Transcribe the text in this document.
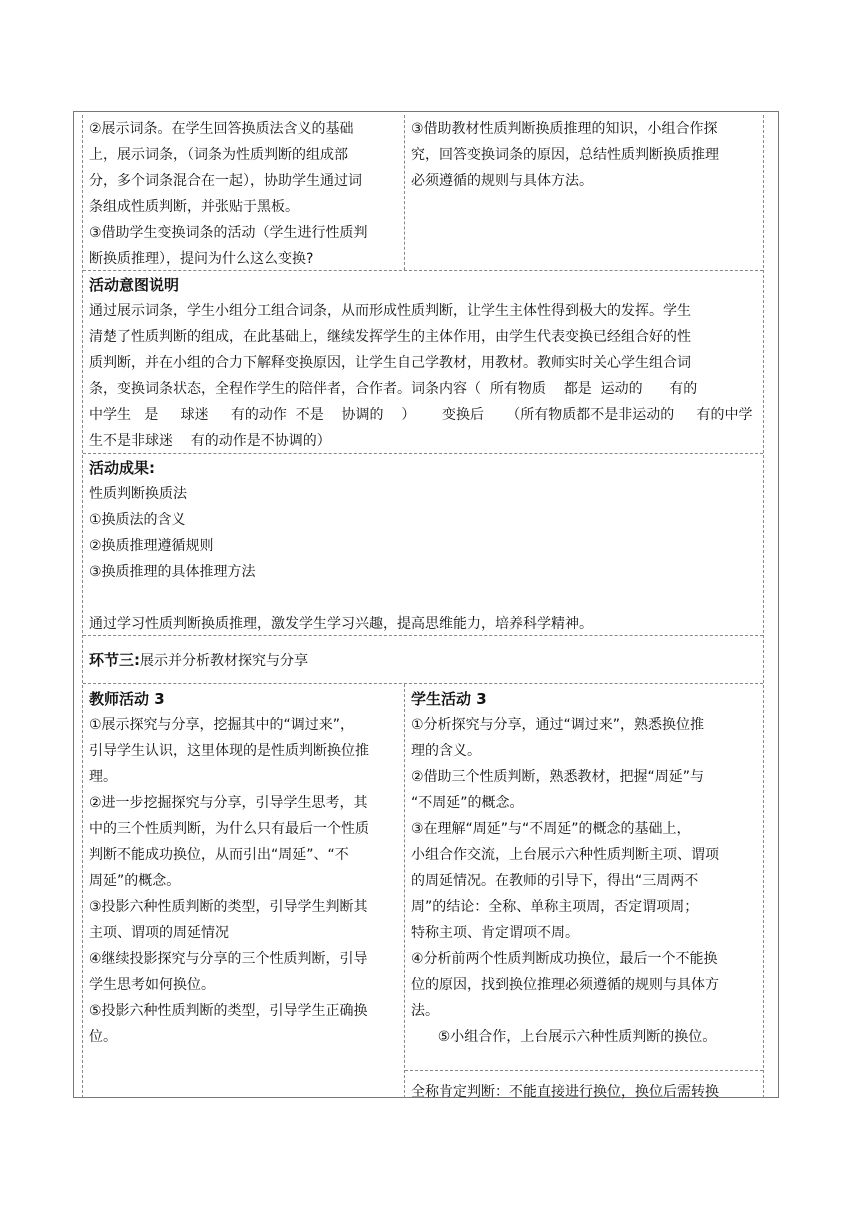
②展示词条。在学生回答换质法含义的基础

上，展示词条，（词条为性质判断的组成部

分，多个词条混合在一起），协助学生通过词

条组成性质判断，并张贴于黑板。

③借助学生变换词条的活动（学生进行性质判

断换质推理），提问为什么这么变换?

③借助教材性质判断换质推理的知识，小组合作探

究，回答变换词条的原因，总结性质判断换质推理

必须遵循的规则与具体方法。

活动意图说明

通过展示词条，学生小组分工组合词条，从而形成性质判断，让学生主体性得到极大的发挥。学生

清楚了性质判断的组成，在此基础上，继续发挥学生的主体作用，由学生代表变换已经组合好的性

质判断，并在小组的合力下解释变换原因，让学生自己学教材，用教材。教师实时关心学生组合词

条，变换词条状态，全程作学生的陪伴者，合作者。词条内容（  所有物质    都是  运动的      有的

中学生   是     球迷     有的动作  不是    协调的    ）      变换后     （所有物质都不是非运动的     有的中学

生不是非球迷    有的动作是不协调的）

活动成果:

性质判断换质法

①换质法的含义

②换质推理遵循规则

③换质推理的具体推理方法

通过学习性质判断换质推理，激发学生学习兴趣，提高思维能力，培养科学精神。

环节三:展示并分析教材探究与分享

教师活动 3

①展示探究与分享，挖掘其中的“调过来”，

引导学生认识，这里体现的是性质判断换位推

理。

②进一步挖掘探究与分享，引导学生思考，其

中的三个性质判断，为什么只有最后一个性质

判断不能成功换位，从而引出“周延”、“不

周延”的概念。

③投影六种性质判断的类型，引导学生判断其

主项、谓项的周延情况

④继续投影探究与分享的三个性质判断，引导

学生思考如何换位。

⑤投影六种性质判断的类型，引导学生正确换

位。

学生活动 3

①分析探究与分享，通过“调过来”，熟悉换位推

理的含义。

②借助三个性质判断，熟悉教材，把握“周延”与

“不周延”的概念。

③在理解“周延”与“不周延”的概念的基础上，

小组合作交流，上台展示六种性质判断主项、谓项

的周延情况。在教师的引导下，得出“三周两不

周”的结论：全称、单称主项周，否定谓项周；

特称主项、肯定谓项不周。

④分析前两个性质判断成功换位，最后一个不能换

位的原因，找到换位推理必须遵循的规则与具体方

法。

⑤小组合作，上台展示六种性质判断的换位。

全称肯定判断：不能直接进行换位，换位后需转换
